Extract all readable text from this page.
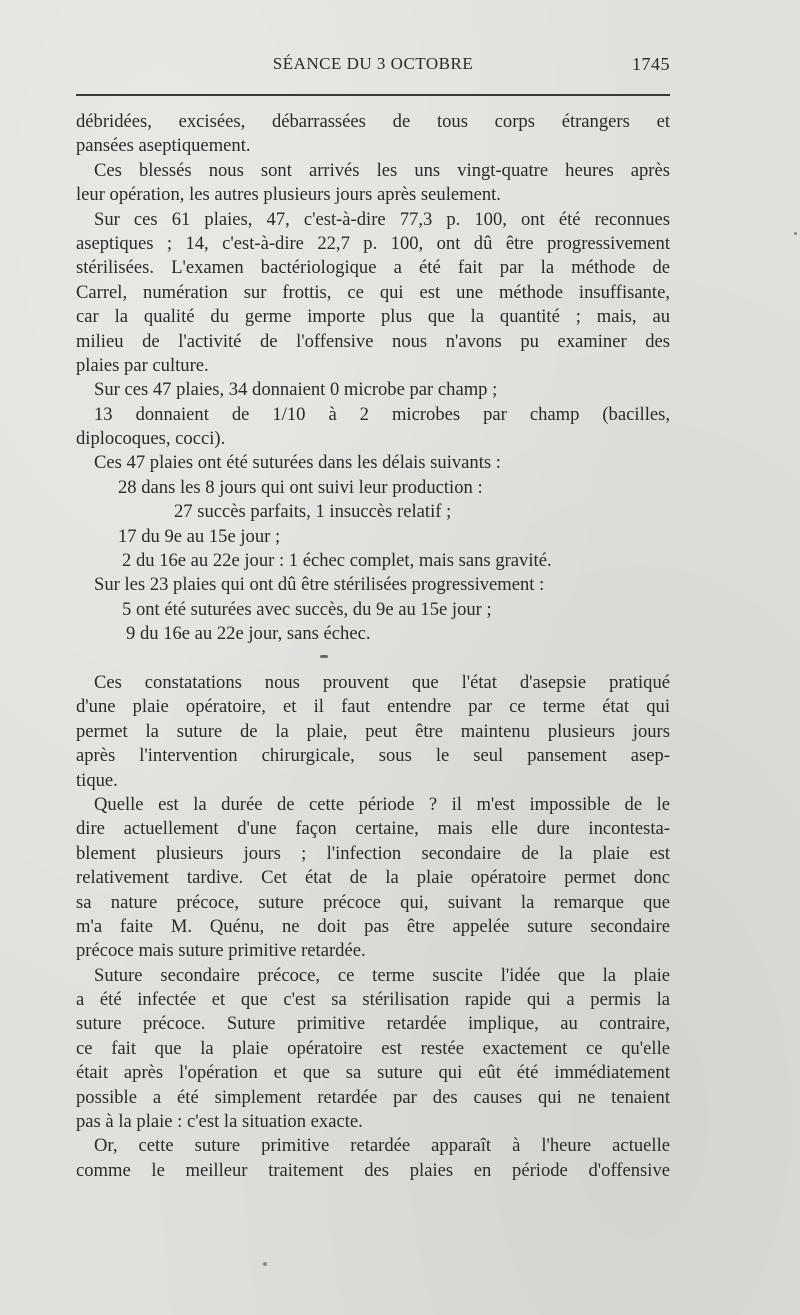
SÉANCE DU 3 OCTOBRE	1745
débridées, excisées, débarrassées de tous corps étrangers et
pansées aseptiquement.
Ces blessés nous sont arrivés les uns vingt-quatre heures après
leur opération, les autres plusieurs jours après seulement.
Sur ces 61 plaies, 47, c'est-à-dire 77,3 p. 100, ont été reconnues
aseptiques ; 14, c'est-à-dire 22,7 p. 100, ont dû être progressivement
stérilisées. L'examen bactériologique a été fait par la méthode de
Carrel, numération sur frottis, ce qui est une méthode insuffisante,
car la qualité du germe importe plus que la quantité ; mais, au
milieu de l'activité de l'offensive nous n'avons pu examiner des
plaies par culture.
Sur ces 47 plaies, 34 donnaient 0 microbe par champ ;
13 donnaient de 1/10 à 2 microbes par champ (bacilles,
diplocoques, cocci).
Ces 47 plaies ont été suturées dans les délais suivants :
28 dans les 8 jours qui ont suivi leur production :
27 succès parfaits, 1 insuccès relatif ;
17 du 9e au 15e jour ;
2 du 16e au 22e jour : 1 échec complet, mais sans gravité.
Sur les 23 plaies qui ont dû être stérilisées progressivement :
5 ont été suturées avec succès, du 9e au 15e jour ;
9 du 16e au 22e jour, sans échec.
Ces constatations nous prouvent que l'état d'asepsie pratiqué
d'une plaie opératoire, et il faut entendre par ce terme état qui
permet la suture de la plaie, peut être maintenu plusieurs jours
après l'intervention chirurgicale, sous le seul pansement asep-
tique.
Quelle est la durée de cette période ? il m'est impossible de le
dire actuellement d'une façon certaine, mais elle dure incontesta-
blement plusieurs jours ; l'infection secondaire de la plaie est
relativement tardive. Cet état de la plaie opératoire permet donc
sa nature précoce, suture précoce qui, suivant la remarque que
m'a faite M. Quénu, ne doit pas être appelée suture secondaire
précoce mais suture primitive retardée.
Suture secondaire précoce, ce terme suscite l'idée que la plaie
a été infectée et que c'est sa stérilisation rapide qui a permis la
suture précoce. Suture primitive retardée implique, au contraire,
ce fait que la plaie opératoire est restée exactement ce qu'elle
était après l'opération et que sa suture qui eût été immédiatement
possible a été simplement retardée par des causes qui ne tenaient
pas à la plaie : c'est la situation exacte.
Or, cette suture primitive retardée apparaît à l'heure actuelle
comme le meilleur traitement des plaies en période d'offensive
